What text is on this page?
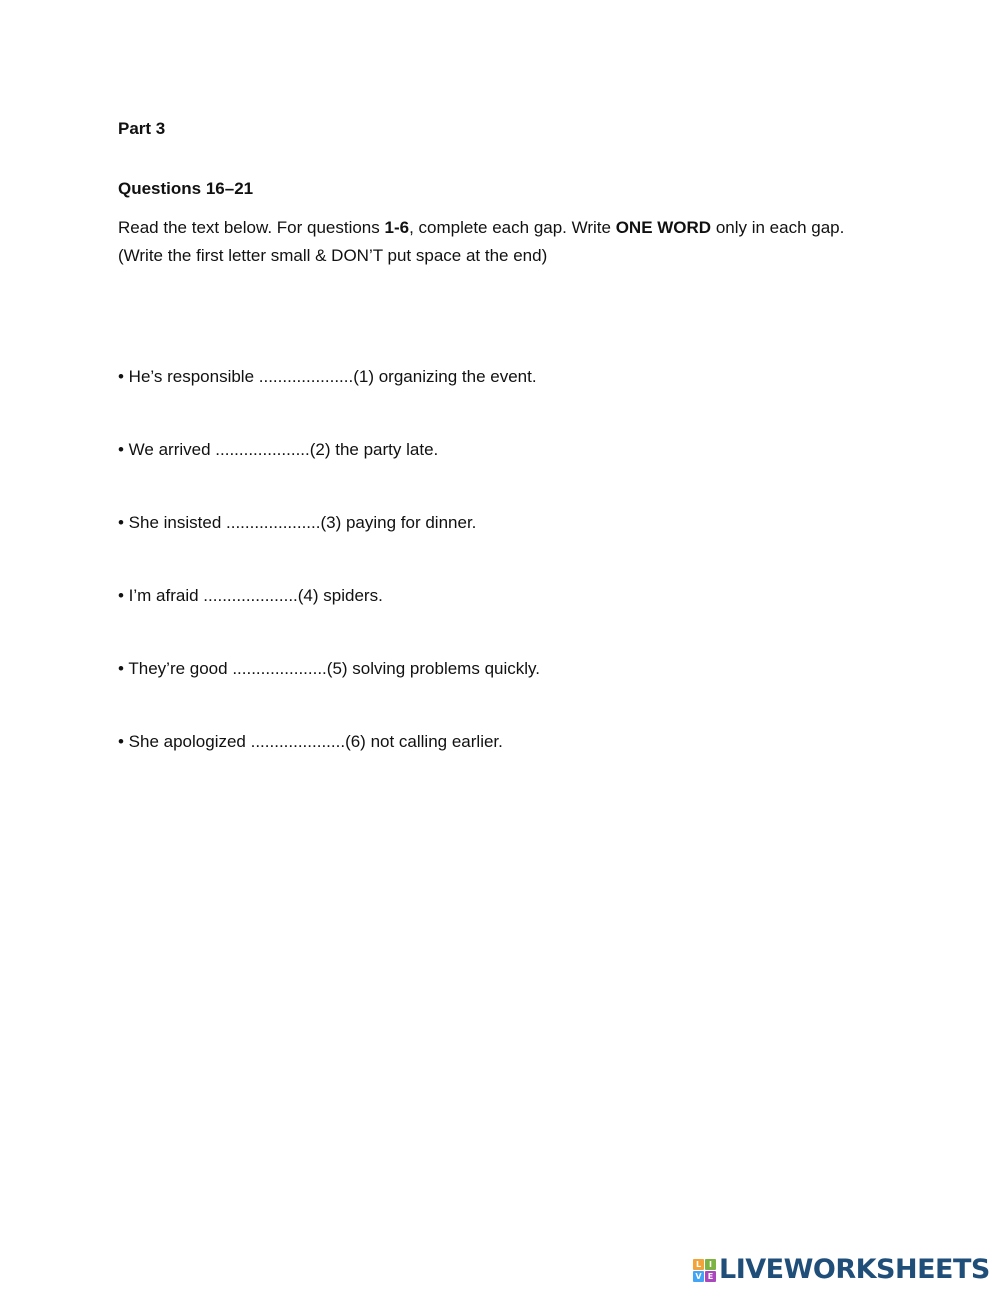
Part 3
Questions 16–21
Read the text below. For questions 1-6, complete each gap. Write ONE WORD only in each gap. (Write the first letter small & DON’T put space at the end)
• He’s responsible ....................(1) organizing the event.
• We arrived ....................(2) the party late.
• She insisted ....................(3) paying for dinner.
• I’m afraid ....................(4) spiders.
• They’re good ....................(5) solving problems quickly.
• She apologized ....................(6) not calling earlier.
L I
V E LIVEWORKSHEETS
